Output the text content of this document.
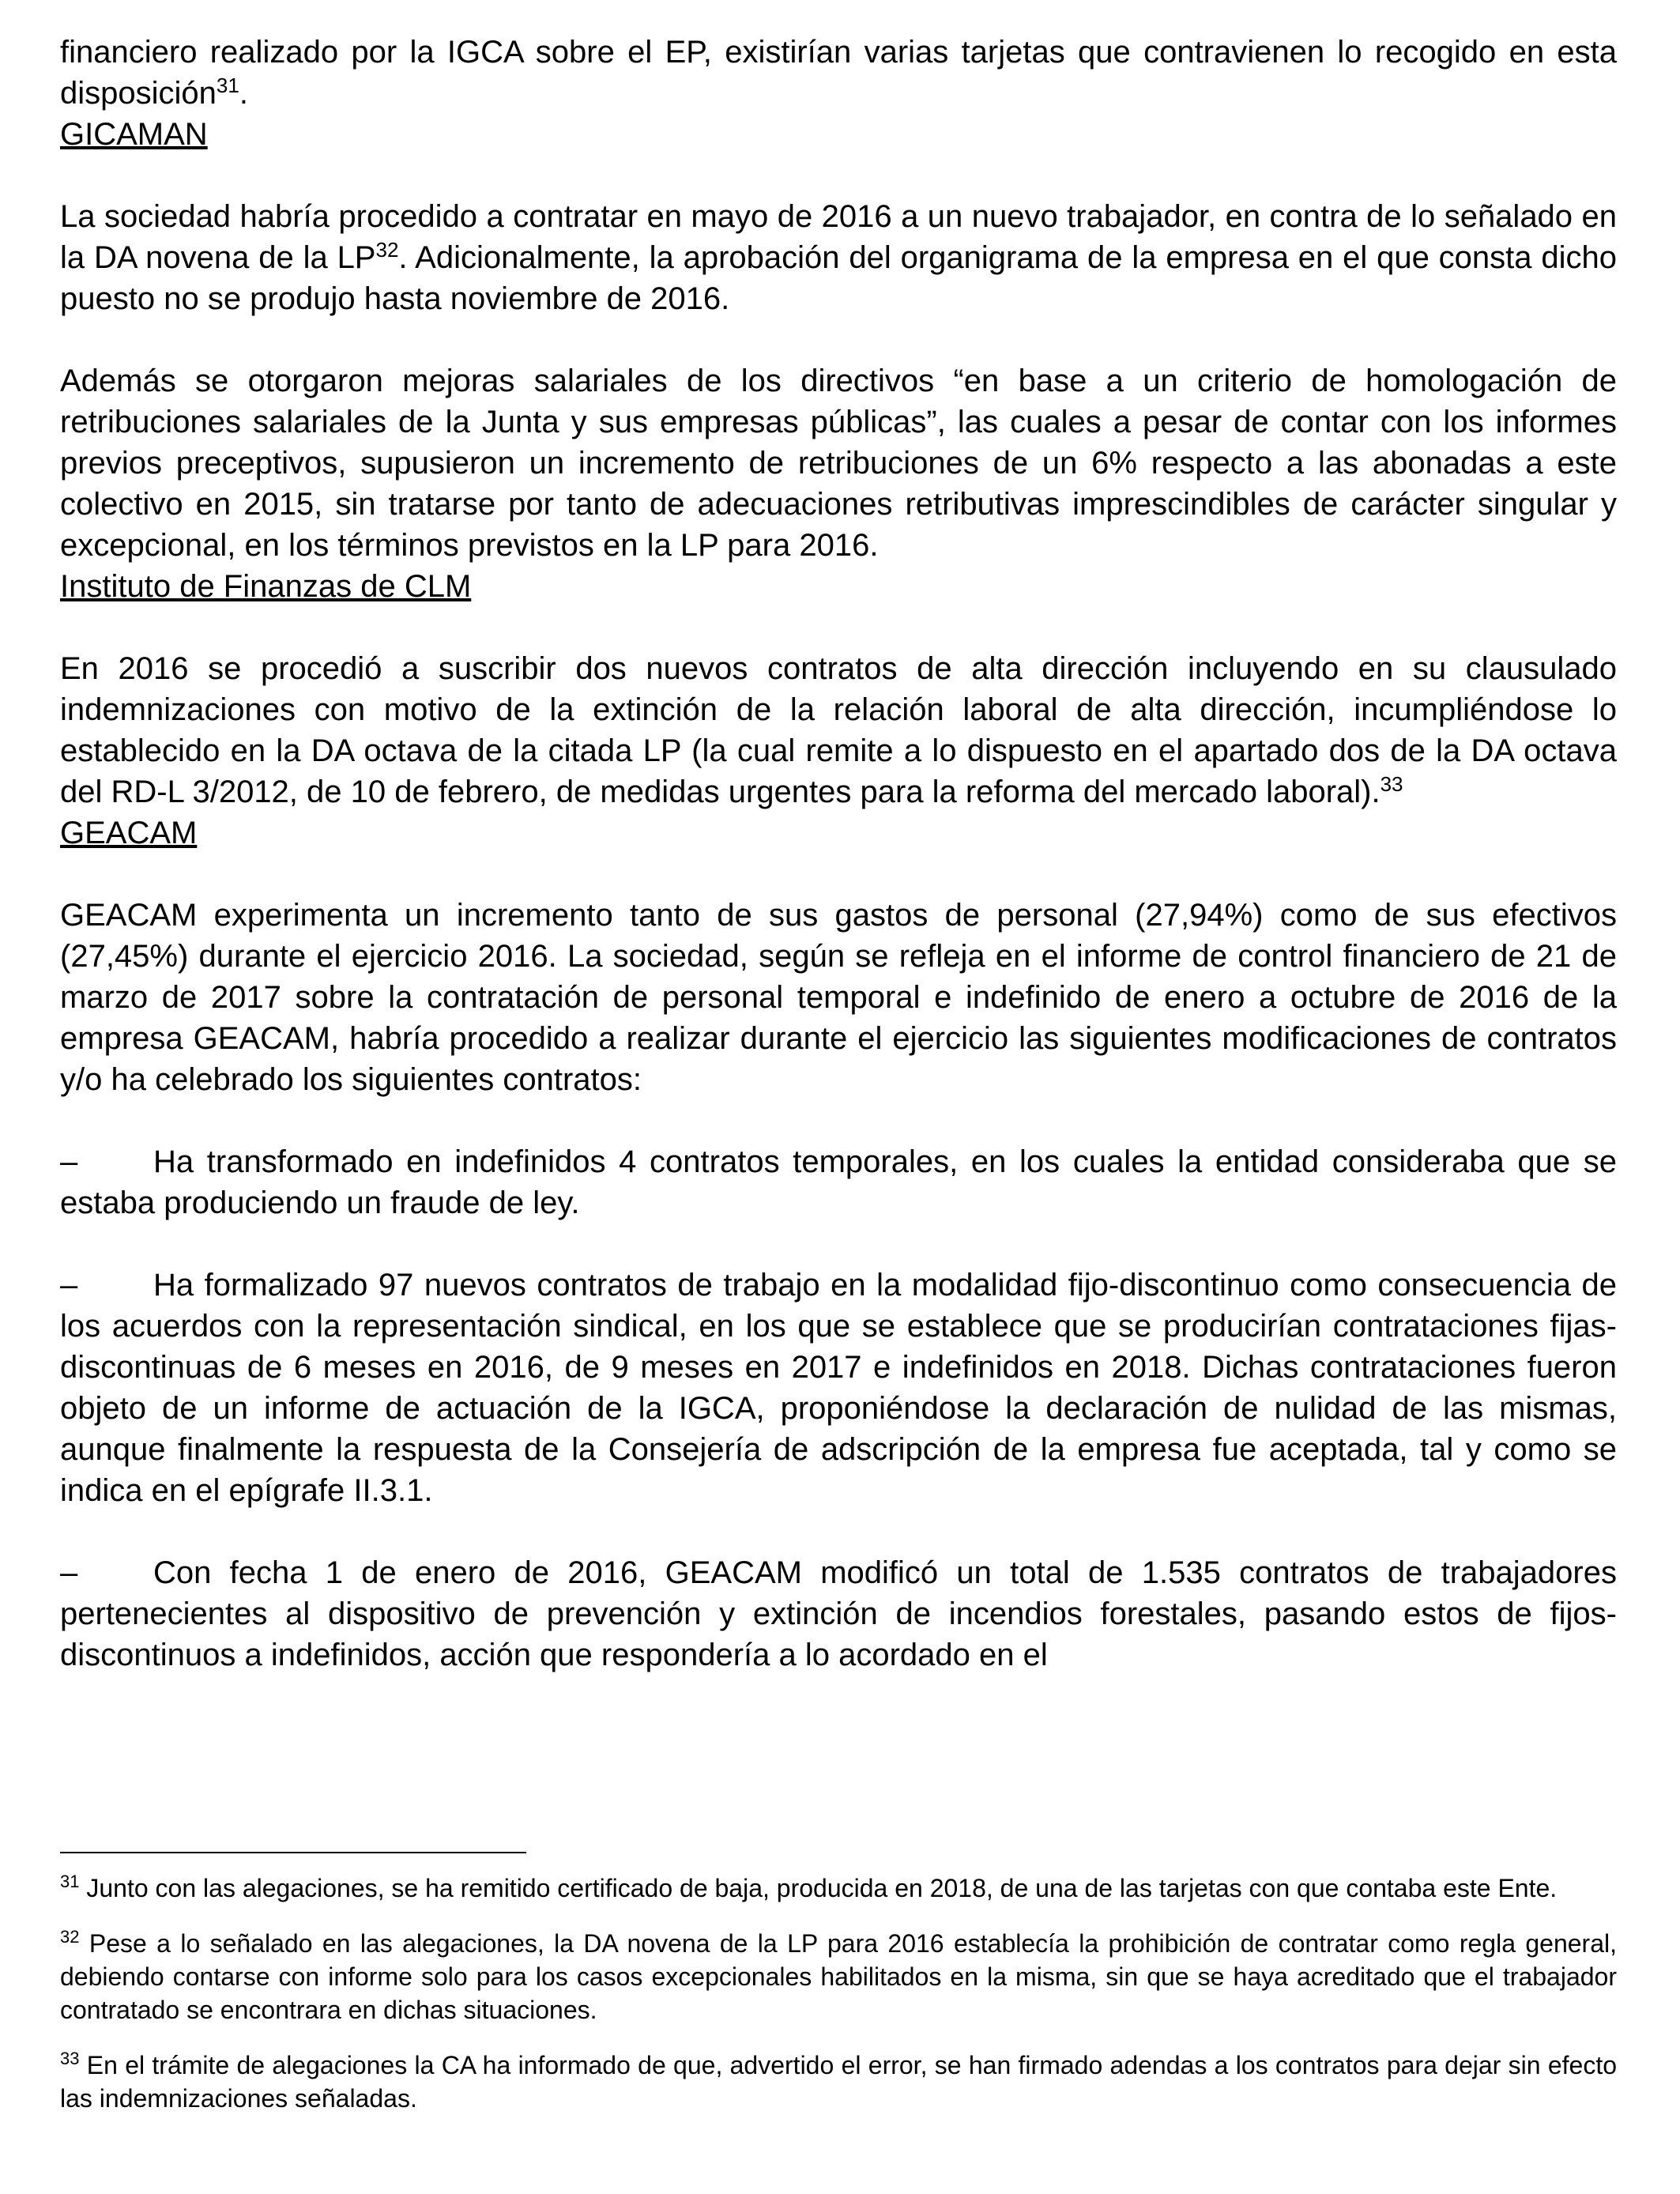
financiero realizado por la IGCA sobre el EP, existirían varias tarjetas que contravienen lo recogido en esta disposición$^{31}$.

GICAMAN

La sociedad habría procedido a contratar en mayo de 2016 a un nuevo trabajador, en contra de lo señalado en la DA novena de la LP$^{32}$. Adicionalmente, la aprobación del organigrama de la empresa en el que consta dicho puesto no se produjo hasta noviembre de 2016.

Además se otorgaron mejoras salariales de los directivos “en base a un criterio de homologación de retribuciones salariales de la Junta y sus empresas públicas”, las cuales a pesar de contar con los informes previos preceptivos, supusieron un incremento de retribuciones de un 6% respecto a las abonadas a este colectivo en 2015, sin tratarse por tanto de adecuaciones retributivas imprescindibles de carácter singular y excepcional, en los términos previstos en la LP para 2016.

Instituto de Finanzas de CLM

En 2016 se procedió a suscribir dos nuevos contratos de alta dirección incluyendo en su clausulado indemnizaciones con motivo de la extinción de la relación laboral de alta dirección, incumpliéndose lo establecido en la DA octava de la citada LP (la cual remite a lo dispuesto en el apartado dos de la DA octava del RD-L 3/2012, de 10 de febrero, de medidas urgentes para la reforma del mercado laboral).$^{33}$

GEACAM

GEACAM experimenta un incremento tanto de sus gastos de personal (27,94%) como de sus efectivos (27,45%) durante el ejercicio 2016. La sociedad, según se refleja en el informe de control financiero de 21 de marzo de 2017 sobre la contratación de personal temporal e indefinido de enero a octubre de 2016 de la empresa GEACAM, habría procedido a realizar durante el ejercicio las siguientes modificaciones de contratos y/o ha celebrado los siguientes contratos:

– Ha transformado en indefinidos 4 contratos temporales, en los cuales la entidad consideraba que se estaba produciendo un fraude de ley.

– Ha formalizado 97 nuevos contratos de trabajo en la modalidad fijo-discontinuo como consecuencia de los acuerdos con la representación sindical, en los que se establece que se producirían contrataciones fijas-discontinuas de 6 meses en 2016, de 9 meses en 2017 e indefinidos en 2018. Dichas contrataciones fueron objeto de un informe de actuación de la IGCA, proponiéndose la declaración de nulidad de las mismas, aunque finalmente la respuesta de la Consejería de adscripción de la empresa fue aceptada, tal y como se indica en el epígrafe II.3.1.

– Con fecha 1 de enero de 2016, GEACAM modificó un total de 1.535 contratos de trabajadores pertenecientes al dispositivo de prevención y extinción de incendios forestales, pasando estos de fijos-discontinuos a indefinidos, acción que respondería a lo acordado en el

$^{31}$ Junto con las alegaciones, se ha remitido certificado de baja, producida en 2018, de una de las tarjetas con que contaba este Ente.

$^{32}$ Pese a lo señalado en las alegaciones, la DA novena de la LP para 2016 establecía la prohibición de contratar como regla general, debiendo contarse con informe solo para los casos excepcionales habilitados en la misma, sin que se haya acreditado que el trabajador contratado se encontrara en dichas situaciones.

$^{33}$ En el trámite de alegaciones la CA ha informado de que, advertido el error, se han firmado adendas a los contratos para dejar sin efecto las indemnizaciones señaladas.
